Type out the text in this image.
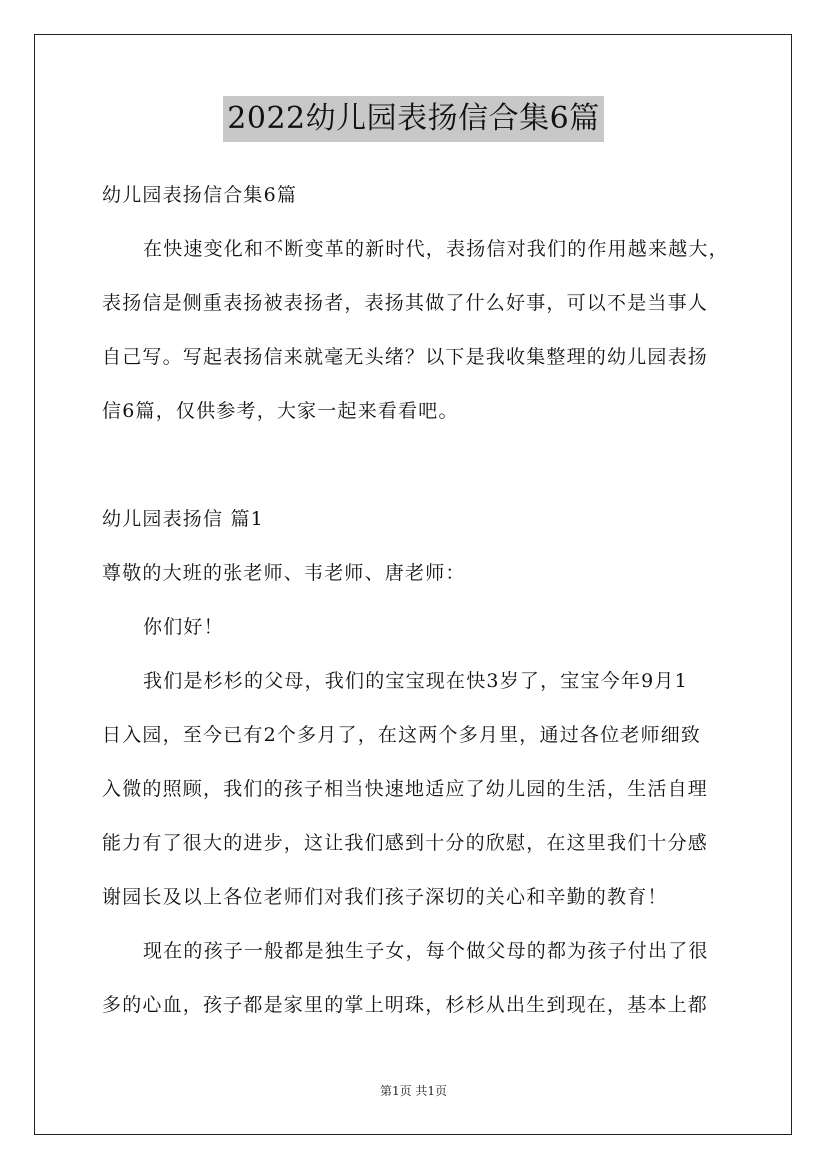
2022幼儿园表扬信合集6篇
幼儿园表扬信合集6篇
在快速变化和不断变革的新时代，表扬信对我们的作用越来越大，
表扬信是侧重表扬被表扬者，表扬其做了什么好事，可以不是当事人
自己写。写起表扬信来就毫无头绪？以下是我收集整理的幼儿园表扬
信6篇，仅供参考，大家一起来看看吧。
幼儿园表扬信 篇1
尊敬的大班的张老师、韦老师、唐老师：
你们好！
我们是杉杉的父母，我们的宝宝现在快3岁了，宝宝今年9月1
日入园，至今已有2个多月了，在这两个多月里，通过各位老师细致
入微的照顾，我们的孩子相当快速地适应了幼儿园的生活，生活自理
能力有了很大的进步，这让我们感到十分的欣慰，在这里我们十分感
谢园长及以上各位老师们对我们孩子深切的关心和辛勤的教育！
现在的孩子一般都是独生子女，每个做父母的都为孩子付出了很
多的心血，孩子都是家里的掌上明珠，杉杉从出生到现在，基本上都
第1页 共1页
